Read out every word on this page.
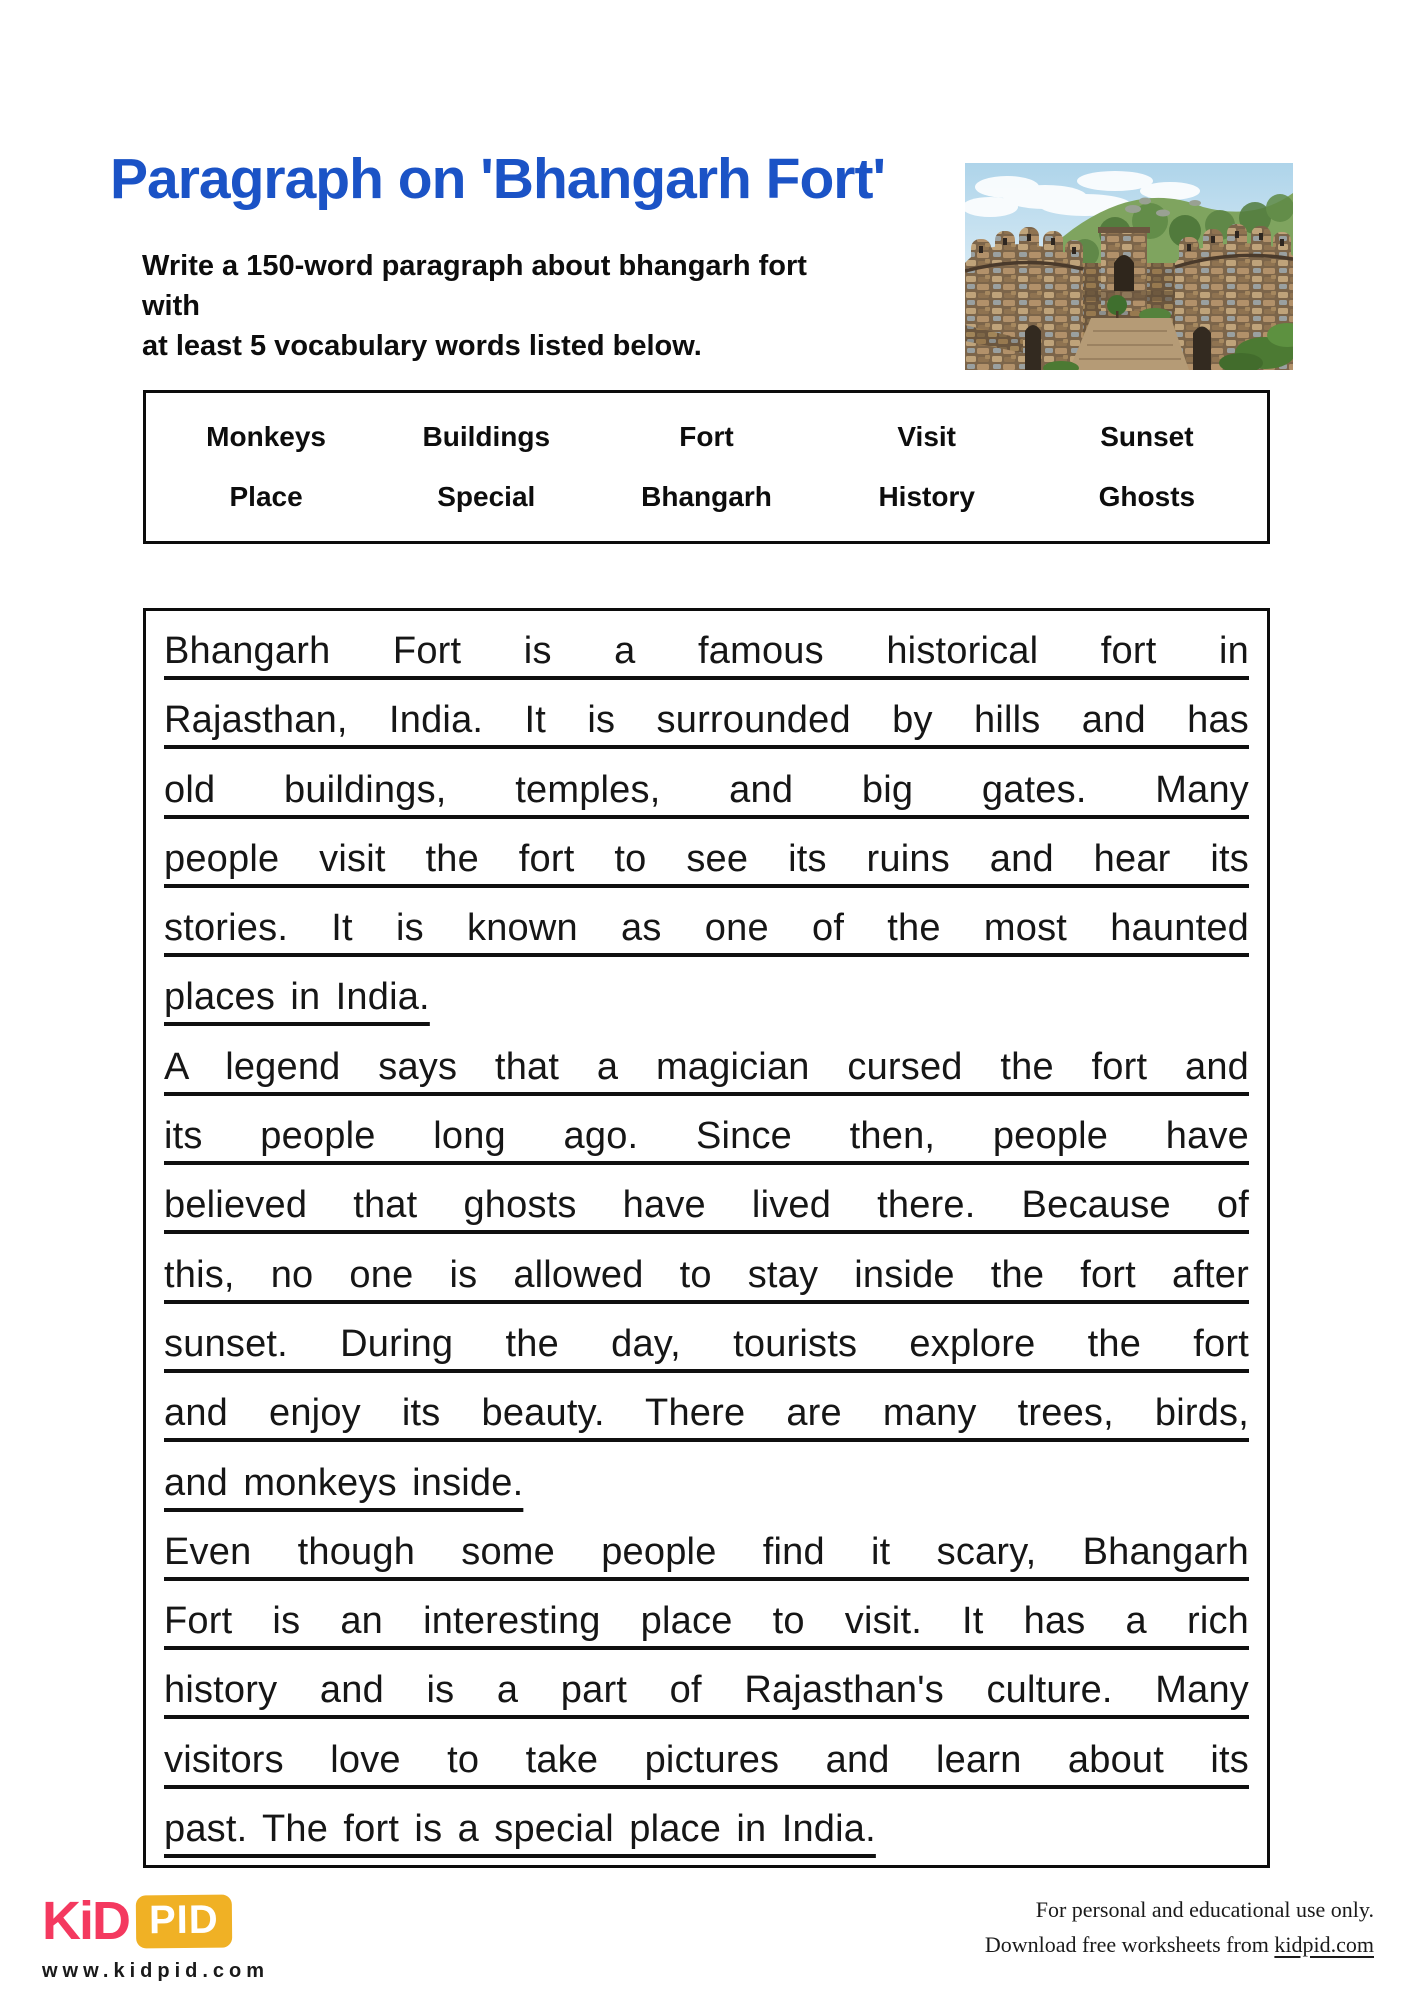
Paragraph on 'Bhangarh Fort'
Write a 150-word paragraph about bhangarh fort with
at least 5 vocabulary words listed below.
Monkeys	Buildings	Fort	Visit	Sunset
Place	Special	Bhangarh	History	Ghosts
Bhangarh Fort is a famous historical fort in
Rajasthan, India. It is surrounded by hills and has
old buildings, temples, and big gates. Many
people visit the fort to see its ruins and hear its
stories. It is known as one of the most haunted
places in India.
A legend says that a magician cursed the fort and
its people long ago. Since then, people have
believed that ghosts have lived there. Because of
this, no one is allowed to stay inside the fort after
sunset. During the day, tourists explore the fort
and enjoy its beauty. There are many trees, birds,
and monkeys inside.
Even though some people find it scary, Bhangarh
Fort is an interesting place to visit. It has a rich
history and is a part of Rajasthan's culture. Many
visitors love to take pictures and learn about its
past. The fort is a special place in India.
KiD PID
www.kidpid.com
For personal and educational use only.
Download free worksheets from kidpid.com
